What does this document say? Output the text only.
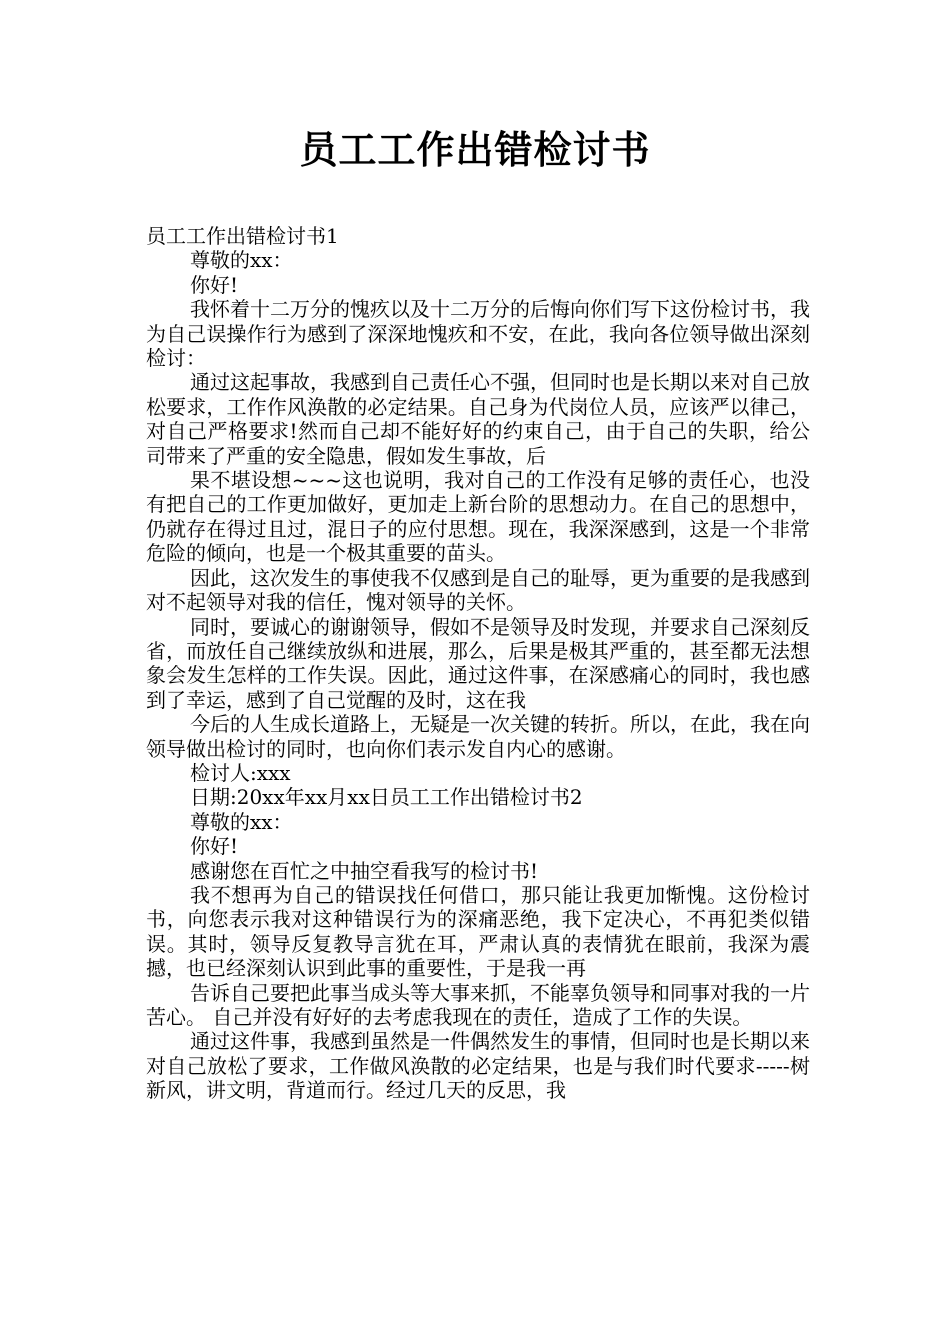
员工工作出错检讨书

员工工作出错检讨书1

尊敬的xx：

你好!

我怀着十二万分的愧疚以及十二万分的后悔向你们写下这份检讨书，我为自己误操作行为感到了深深地愧疚和不安，在此，我向各位领导做出深刻检讨：

通过这起事故，我感到自己责任心不强，但同时也是长期以来对自己放松要求，工作作风涣散的必定结果。自己身为代岗位人员，应该严以律己，对自己严格要求!然而自己却不能好好的约束自己，由于自己的失职，给公司带来了严重的安全隐患，假如发生事故，后

果不堪设想~~~这也说明，我对自己的工作没有足够的责任心，也没有把自己的工作更加做好，更加走上新台阶的思想动力。在自己的思想中，仍就存在得过且过，混日子的应付思想。现在，我深深感到，这是一个非常危险的倾向，也是一个极其重要的苗头。

因此，这次发生的事使我不仅感到是自己的耻辱，更为重要的是我感到对不起领导对我的信任，愧对领导的关怀。

同时，要诚心的谢谢领导，假如不是领导及时发现，并要求自己深刻反省，而放任自己继续放纵和进展，那么，后果是极其严重的，甚至都无法想象会发生怎样的工作失误。因此，通过这件事，在深感痛心的同时，我也感到了幸运，感到了自己觉醒的及时，这在我

今后的人生成长道路上，无疑是一次关键的转折。所以，在此，我在向领导做出检讨的同时，也向你们表示发自内心的感谢。

检讨人:xxx

日期:20xx年xx月xx日员工工作出错检讨书2

尊敬的xx：

你好!

感谢您在百忙之中抽空看我写的检讨书!

我不想再为自己的错误找任何借口，那只能让我更加惭愧。这份检讨书，向您表示我对这种错误行为的深痛恶绝，我下定决心，不再犯类似错误。其时，领导反复教导言犹在耳，严肃认真的表情犹在眼前，我深为震撼，也已经深刻认识到此事的重要性，于是我一再

告诉自己要把此事当成头等大事来抓，不能辜负领导和同事对我的一片苦心。 自己并没有好好的去考虑我现在的责任，造成了工作的失误。

通过这件事，我感到虽然是一件偶然发生的事情，但同时也是长期以来对自己放松了要求，工作做风涣散的必定结果，也是与我们时代要求-----树新风，讲文明，背道而行。经过几天的反思，我
